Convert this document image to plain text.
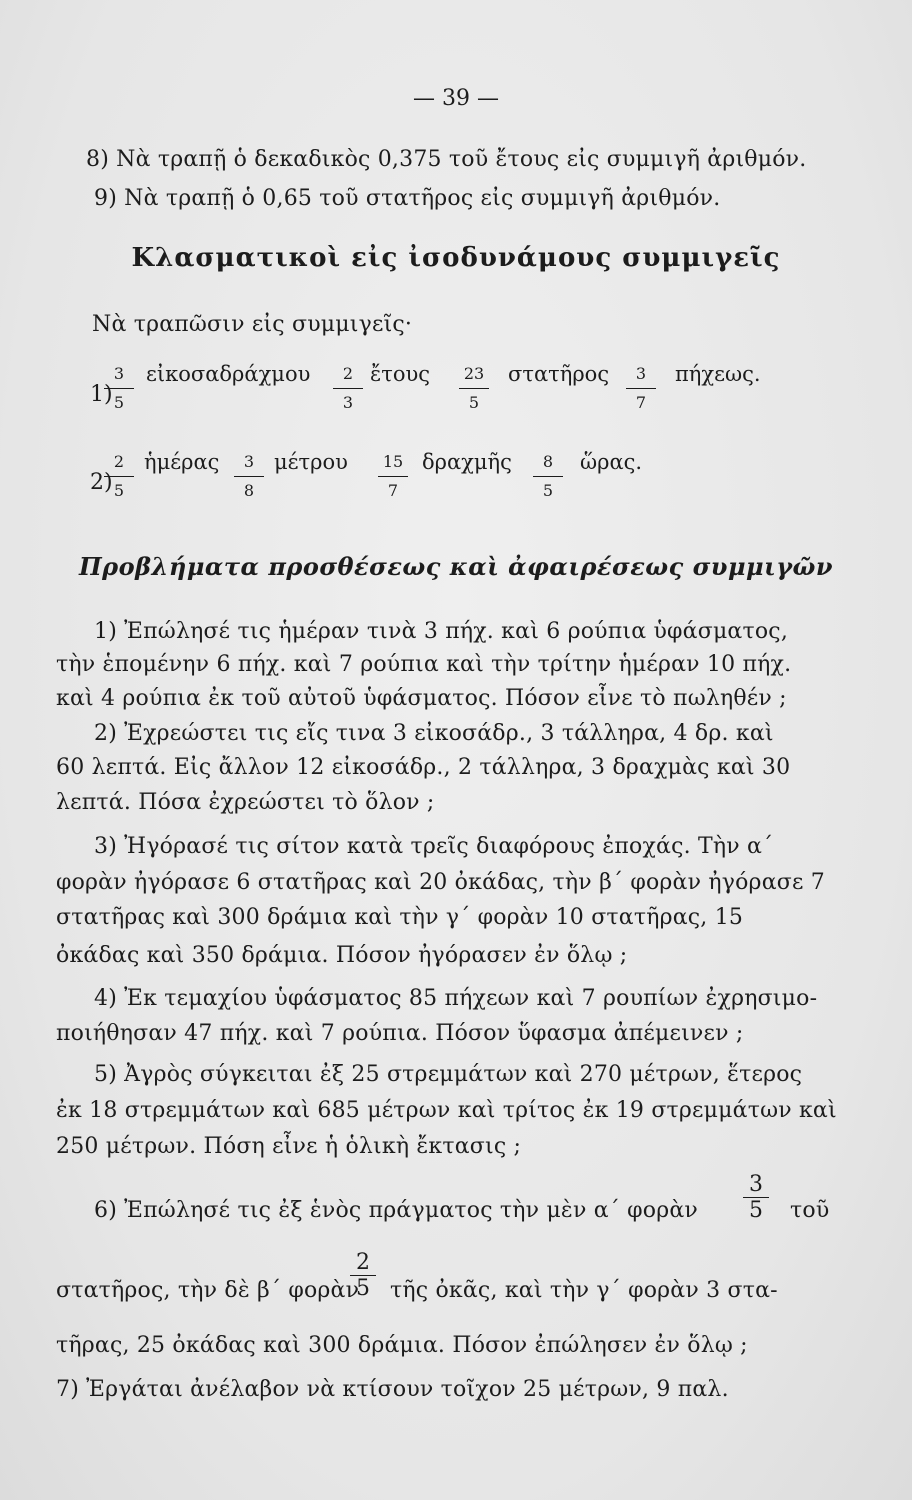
— 39 —
8) Νὰ τραπῇ ὁ δεκαδικὸς 0,375 τοῦ ἔτους εἰς συμμιγῆ ἀριθμόν.
9) Νὰ τραπῇ ὁ 0,65 τοῦ στατῆρος εἰς συμμιγῆ ἀριθμόν.
Κλασματικοὶ εἰς ἰσοδυνάμους συμμιγεῖς
Νὰ τραπῶσιν εἰς συμμιγεῖς·
1)
3
5
εἰκοσαδράχμου	2
3
ἔτους	23
5
στατῆρος	3
7
πήχεως.
2)
2
5
ἡμέρας	3
8
μέτρου	15
7
δραχμῆς	8
5
ὥρας.
Προβλήματα προσθέσεως καὶ ἀφαιρέσεως συμμιγῶν
1) Ἐπώλησέ τις ἡμέραν τινὰ 3 πήχ. καὶ 6 ρούπια ὑφάσματος,
τὴν ἑπομένην 6 πήχ. καὶ 7 ρούπια καὶ τὴν τρίτην ἡμέραν 10 πήχ.
καὶ 4 ρούπια ἐκ τοῦ αὐτοῦ ὑφάσματος. Πόσον εἶνε τὸ πωληθέν ;
2) Ἐχρεώστει τις εἴς τινα 3 εἰκοσάδρ., 3 τάλληρα, 4 δρ. καὶ
60 λεπτά. Εἰς ἄλλον 12 εἰκοσάδρ., 2 τάλληρα, 3 δραχμὰς καὶ 30
λεπτά. Πόσα ἐχρεώστει τὸ ὅλον ;
3) Ἠγόρασέ τις σίτον κατὰ τρεῖς διαφόρους ἐποχάς. Τὴν α´
φορὰν ἠγόρασε 6 στατῆρας καὶ 20 ὀκάδας, τὴν β´ φορὰν ἠγόρασε 7
στατῆρας καὶ 300 δράμια καὶ τὴν γ´ φορὰν 10 στατῆρας, 15
ὀκάδας καὶ 350 δράμια. Πόσον ἠγόρασεν ἐν ὅλῳ ;
4) Ἐκ τεμαχίου ὑφάσματος 85 πήχεων καὶ 7 ρουπίων ἐχρησιμο-
ποιήθησαν 47 πήχ. καὶ 7 ρούπια. Πόσον ὕφασμα ἀπέμεινεν ;
5) Ἀγρὸς σύγκειται ἐξ 25 στρεμμάτων καὶ 270 μέτρων, ἕτερος
ἐκ 18 στρεμμάτων καὶ 685 μέτρων καὶ τρίτος ἐκ 19 στρεμμάτων καὶ
250 μέτρων. Πόση εἶνε ἡ ὁλικὴ ἔκτασις ;
6) Ἐπώλησέ τις ἐξ ἑνὸς πράγματος τὴν μὲν α´ φορὰν
3
5 τοῦ
στατῆρος, τὴν δὲ β´ φορὰν
2
5 τῆς ὀκᾶς, καὶ τὴν γ´ φορὰν 3 στα-
τῆρας, 25 ὀκάδας καὶ 300 δράμια. Πόσον ἐπώλησεν ἐν ὅλῳ ;
7) Ἐργάται ἀνέλαβον νὰ κτίσουν τοῖχον 25 μέτρων, 9 παλ.
